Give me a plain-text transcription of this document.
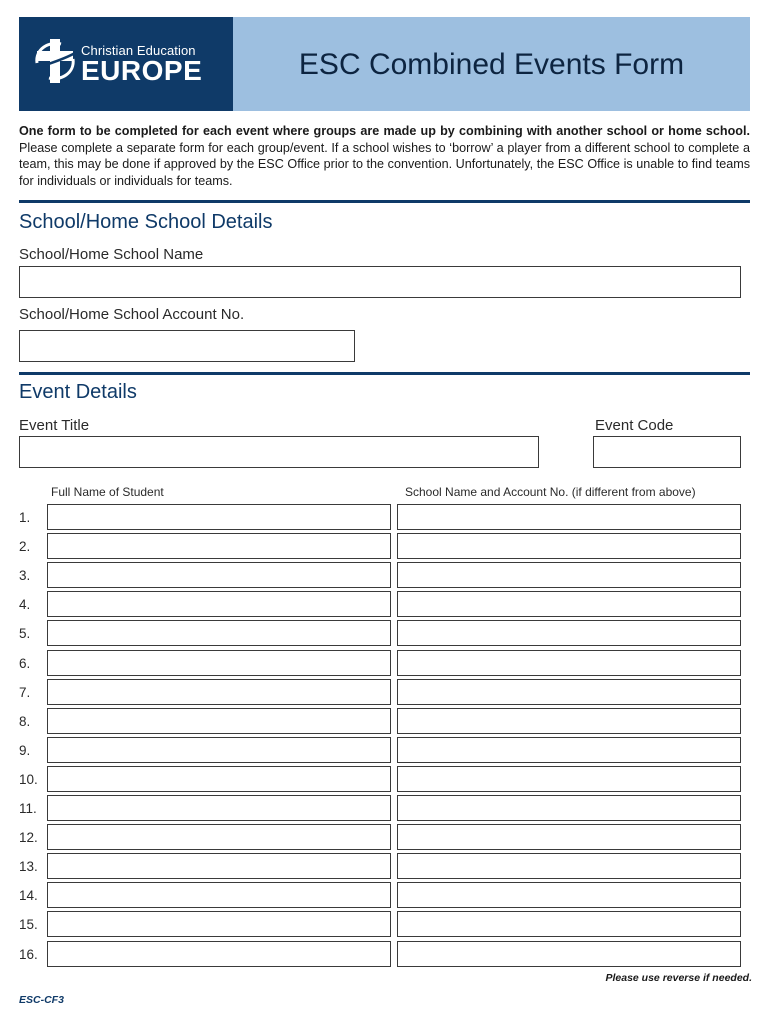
Christian Education
EUROPE	ESC Combined Events Form
One form to be completed for each event where groups are made up by combining with another school or home school. Please complete a separate form for each group/event. If a school wishes to ‘borrow’ a player from a different school to complete a team, this may be done if approved by the ESC Office prior to the convention. Unfortunately, the ESC Office is unable to find teams for individuals or individuals for teams.
School/Home School Details
School/Home School Name
School/Home School Account No.
Event Details
Event Title	Event Code
Full Name of Student	School Name and Account No. (if different from above)
1.
2.
3.
4.
5.
6.
7.
8.
9.
10.
11.
12.
13.
14.
15.
16.
Please use reverse if needed.
ESC-CF3
